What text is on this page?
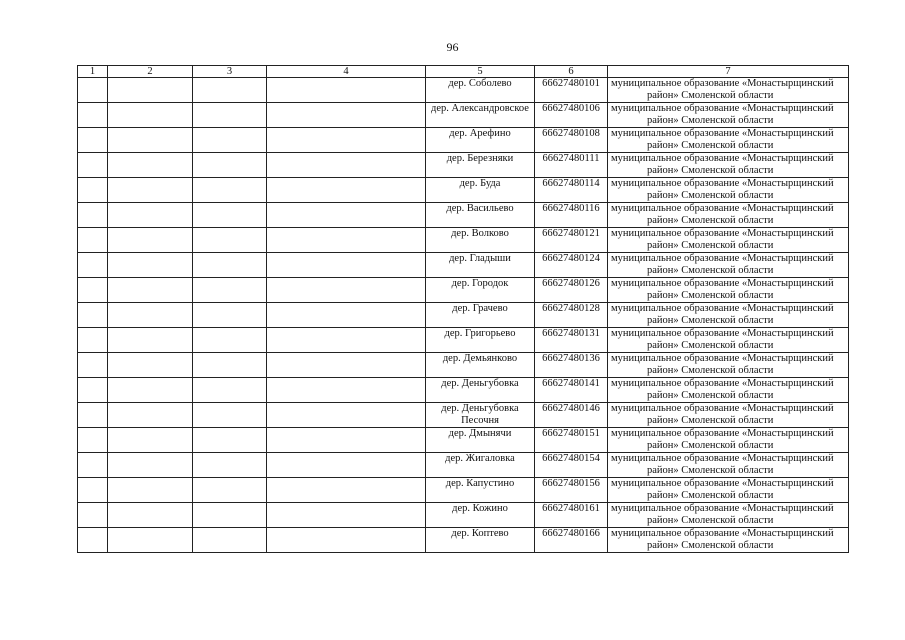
96
1	2	3	4	5	6	7
				дер. Соболево	66627480101	муниципальное образование «Монастырщинский
район» Смоленской области

				дер. Александровское	66627480106	муниципальное образование «Монастырщинский
район» Смоленской области

				дер. Арефино	66627480108	муниципальное образование «Монастырщинский
район» Смоленской области

				дер. Березняки	66627480111	муниципальное образование «Монастырщинский
район» Смоленской области

				дер. Буда	66627480114	муниципальное образование «Монастырщинский
район» Смоленской области

				дер. Васильево	66627480116	муниципальное образование «Монастырщинский
район» Смоленской области

				дер. Волково	66627480121	муниципальное образование «Монастырщинский
район» Смоленской области

				дер. Гладыши	66627480124	муниципальное образование «Монастырщинский
район» Смоленской области

				дер. Городок	66627480126	муниципальное образование «Монастырщинский
район» Смоленской области

				дер. Грачево	66627480128	муниципальное образование «Монастырщинский
район» Смоленской области

				дер. Григорьево	66627480131	муниципальное образование «Монастырщинский
район» Смоленской области

				дер. Демьянково	66627480136	муниципальное образование «Монастырщинский
район» Смоленской области

				дер. Деньгубовка	66627480141	муниципальное образование «Монастырщинский
район» Смоленской области

				дер. Деньгубовка Песочня	66627480146	муниципальное образование «Монастырщинский
район» Смоленской области

				дер. Дмынячи	66627480151	муниципальное образование «Монастырщинский
район» Смоленской области

				дер. Жигаловка	66627480154	муниципальное образование «Монастырщинский
район» Смоленской области

				дер. Капустино	66627480156	муниципальное образование «Монастырщинский
район» Смоленской области

				дер. Кожино	66627480161	муниципальное образование «Монастырщинский
район» Смоленской области

				дер. Коптево	66627480166	муниципальное образование «Монастырщинский
район» Смоленской области
